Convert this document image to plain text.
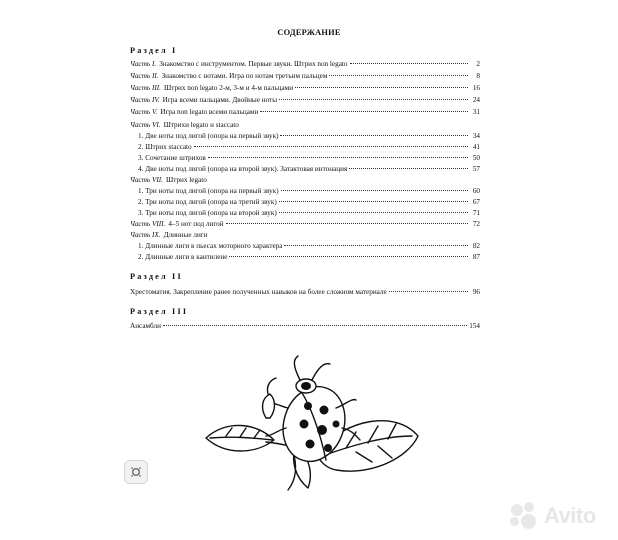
СОДЕРЖАНИЕ
Раздел I
Часть I. Знакомство с инструментом. Первые звуки. Штрих non legato	2
Часть II. Знакомство с нотами. Игра по нотам третьим пальцем	8
Часть III. Штрих non legato 2-м, 3-м и 4-м пальцами	16
Часть IV. Игра всеми пальцами. Двойные ноты	24
Часть V. Игра non legato всеми пальцами	31
Часть VI. Штрихи legato и staccato
1. Две ноты под лигой (опора на первый звук)	34
2. Штрих staccato	41
3. Сочетание штрихов	50
4. Две ноты под лигой (опора на второй звук). Затактовая интонация	57
Часть VII. Штрих legato
1. Три ноты под лигой (опора на первый звук)	60
2. Три ноты под лигой (опора на третий звук)	67
3. Три ноты под лигой (опора на второй звук)	71
Часть VIII. 4–5 нот под лигой	72
Часть IX. Длинные лиги
1. Длинные лиги в пьесах моторного характера	82
2. Длинные лиги в кантилене	87
Раздел II
Хрестоматия. Закрепление ранее полученных навыков на более сложном материале	96
Раздел III
Ансамбли	154
Avito
